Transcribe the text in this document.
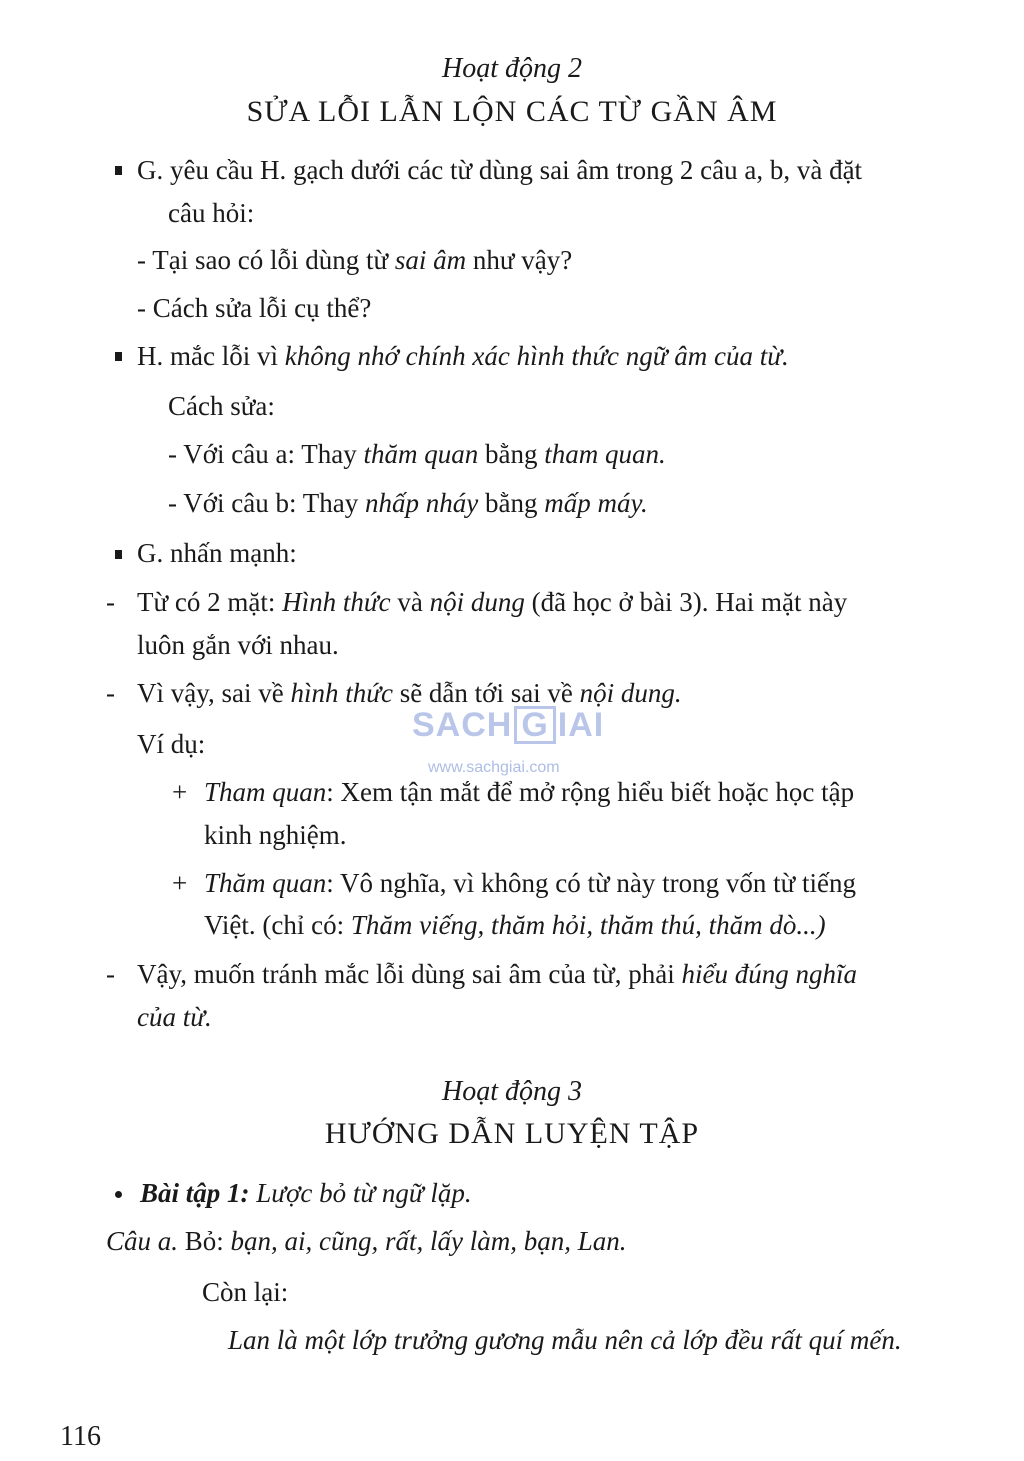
Hoạt động 2
SỬA LỖI LẪN LỘN CÁC TỪ GẦN ÂM
G. yêu cầu H. gạch dưới các từ dùng sai âm trong 2 câu a, b, và đặt
câu hỏi:
- Tại sao có lỗi dùng từ sai âm như vậy?
- Cách sửa lỗi cụ thể?
H. mắc lỗi vì không nhớ chính xác hình thức ngữ âm của từ.
Cách sửa:
- Với câu a: Thay thăm quan bằng tham quan.
- Với câu b: Thay nhấp nháy bằng mấp máy.
G. nhấn mạnh:
- Từ có 2 mặt: Hình thức và nội dung (đã học ở bài 3). Hai mặt này
luôn gắn với nhau.
- Vì vậy, sai về hình thức sẽ dẫn tới sai về nội dung.
Ví dụ:
+ Tham quan: Xem tận mắt để mở rộng hiểu biết hoặc học tập
kinh nghiệm.
+ Thăm quan: Vô nghĩa, vì không có từ này trong vốn từ tiếng
Việt. (chỉ có: Thăm viếng, thăm hỏi, thăm thú, thăm dò...)
- Vậy, muốn tránh mắc lỗi dùng sai âm của từ, phải hiểu đúng nghĩa
của từ.
SACH G IAI
www.sachgiai.com
Hoạt động 3
HƯỚNG DẪN LUYỆN TẬP
Bài tập 1: Lược bỏ từ ngữ lặp.
Câu a. Bỏ: bạn, ai, cũng, rất, lấy làm, bạn, Lan.
Còn lại:
Lan là một lớp trưởng gương mẫu nên cả lớp đều rất quí mến.
116
